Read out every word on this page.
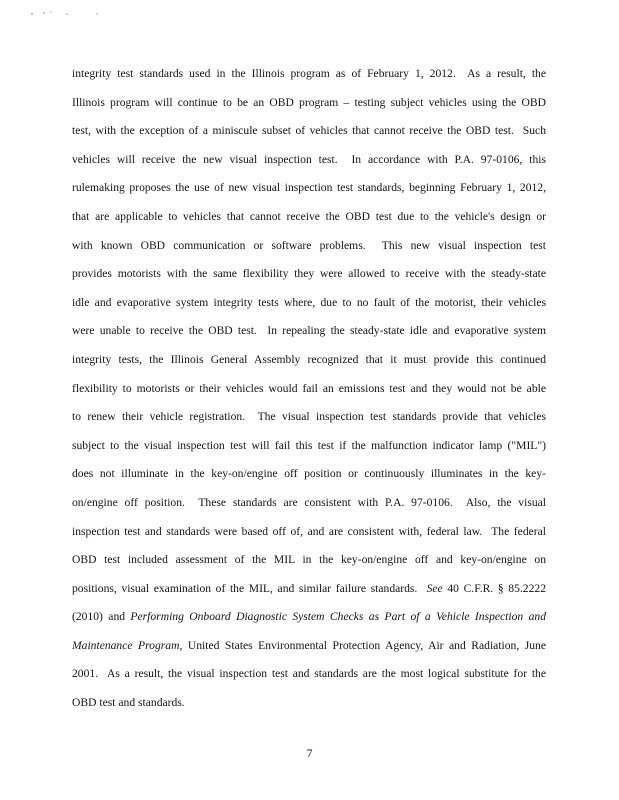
integrity test standards used in the Illinois program as of February 1, 2012.  As a result, the
Illinois program will continue to be an OBD program – testing subject vehicles using the OBD
test, with the exception of a miniscule subset of vehicles that cannot receive the OBD test.  Such
vehicles will receive the new visual inspection test.  In accordance with P.A. 97-0106, this
rulemaking proposes the use of new visual inspection test standards, beginning February 1, 2012,
that are applicable to vehicles that cannot receive the OBD test due to the vehicle's design or
with known OBD communication or software problems.  This new visual inspection test
provides motorists with the same flexibility they were allowed to receive with the steady-state
idle and evaporative system integrity tests where, due to no fault of the motorist, their vehicles
were unable to receive the OBD test.  In repealing the steady-state idle and evaporative system
integrity tests, the Illinois General Assembly recognized that it must provide this continued
flexibility to motorists or their vehicles would fail an emissions test and they would not be able
to renew their vehicle registration.  The visual inspection test standards provide that vehicles
subject to the visual inspection test will fail this test if the malfunction indicator lamp ("MIL")
does not illuminate in the key-on/engine off position or continuously illuminates in the key-
on/engine off position.  These standards are consistent with P.A. 97-0106.  Also, the visual
inspection test and standards were based off of, and are consistent with, federal law.  The federal
OBD test included assessment of the MIL in the key-on/engine off and key-on/engine on
positions, visual examination of the MIL, and similar failure standards.  See 40 C.F.R. § 85.2222
(2010) and Performing Onboard Diagnostic System Checks as Part of a Vehicle Inspection and
Maintenance Program, United States Environmental Protection Agency, Air and Radiation, June
2001.  As a result, the visual inspection test and standards are the most logical substitute for the
OBD test and standards.
7
